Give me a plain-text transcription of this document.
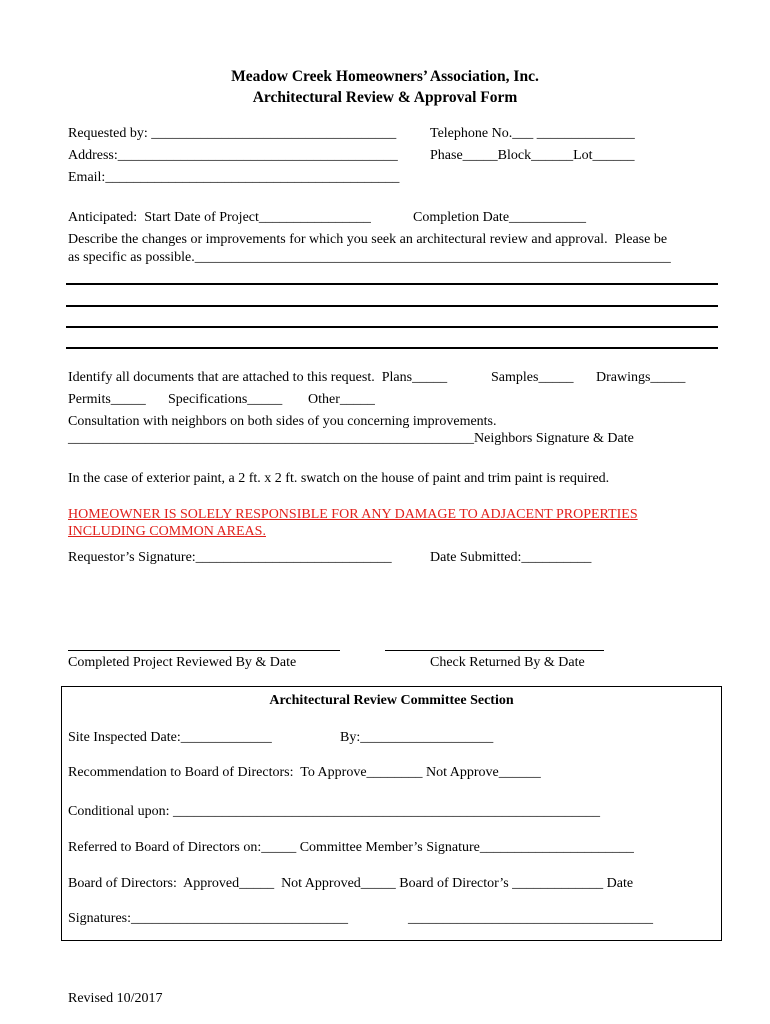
Meadow Creek Homeowners’ Association, Inc.
Architectural Review & Approval Form
Requested by: ___________________________________ Telephone No.___ ______________
Address:________________________________________ Phase_____Block______Lot______
Email:__________________________________________
Anticipated:  Start Date of Project________________	Completion Date___________
Describe the changes or improvements for which you seek an architectural review and approval.  Please be
as specific as possible.____________________________________________________________________
Identify all documents that are attached to this request.  Plans_____	Samples_____ Drawings_____
Permits_____ Specifications_____ Other_____
Consultation with neighbors on both sides of you concerning improvements.
__________________________________________________________Neighbors Signature & Date
In the case of exterior paint, a 2 ft. x 2 ft. swatch on the house of paint and trim paint is required.
HOMEOWNER IS SOLELY RESPONSIBLE FOR ANY DAMAGE TO ADJACENT PROPERTIES
INCLUDING COMMON AREAS.
Requestor’s Signature:____________________________	Date Submitted:__________
Completed Project Reviewed By & Date	Check Returned By & Date
Architectural Review Committee Section
Site Inspected Date:_____________	By:___________________
Recommendation to Board of Directors:  To Approve________ Not Approve______
Conditional upon: _____________________________________________________________
Referred to Board of Directors on:_____ Committee Member’s Signature______________________
Board of Directors:  Approved_____  Not Approved_____ Board of Director’s _____________ Date
Signatures:_______________________________	___________________________________
Revised 10/2017
